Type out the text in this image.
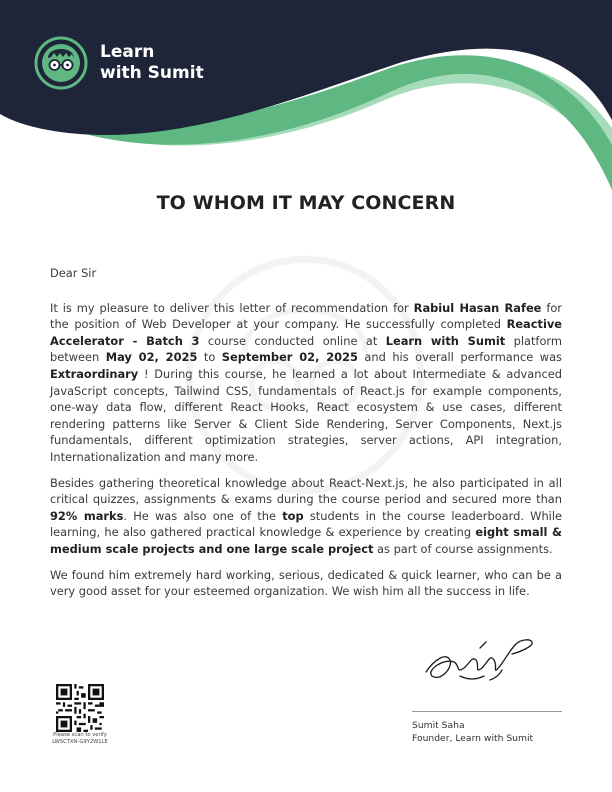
Learn
with Sumit
TO WHOM IT MAY CONCERN

Dear Sir

It is my pleasure to deliver this letter of recommendation for Rabiul Hasan Rafee for the position of Web Developer at your company. He successfully completed Reactive Accelerator - Batch 3 course conducted online at Learn with Sumit platform between May 02, 2025 to September 02, 2025 and his overall performance was Extraordinary ! During this course, he learned a lot about Intermediate & advanced JavaScript concepts, Tailwind CSS, fundamentals of React.js for example components, one-way data flow, different React Hooks, React ecosystem & use cases, different rendering patterns like Server & Client Side Rendering, Server Components, Next.js fundamentals, different optimization strategies, server actions, API integration, Internationalization and many more.

Besides gathering theoretical knowledge about React-Next.js, he also participated in all critical quizzes, assignments & exams during the course period and secured more than 92% marks. He was also one of the top students in the course leaderboard. While learning, he also gathered practical knowledge & experience by creating eight small & medium scale projects and one large scale project as part of course assignments.

We found him extremely hard working, serious, dedicated & quick learner, who can be a very good asset for your esteemed organization. We wish him all the success in life.

Sumit Saha
Founder, Learn with Sumit
Please scan to verify
LWSCTXN-G9Y2W1LE
